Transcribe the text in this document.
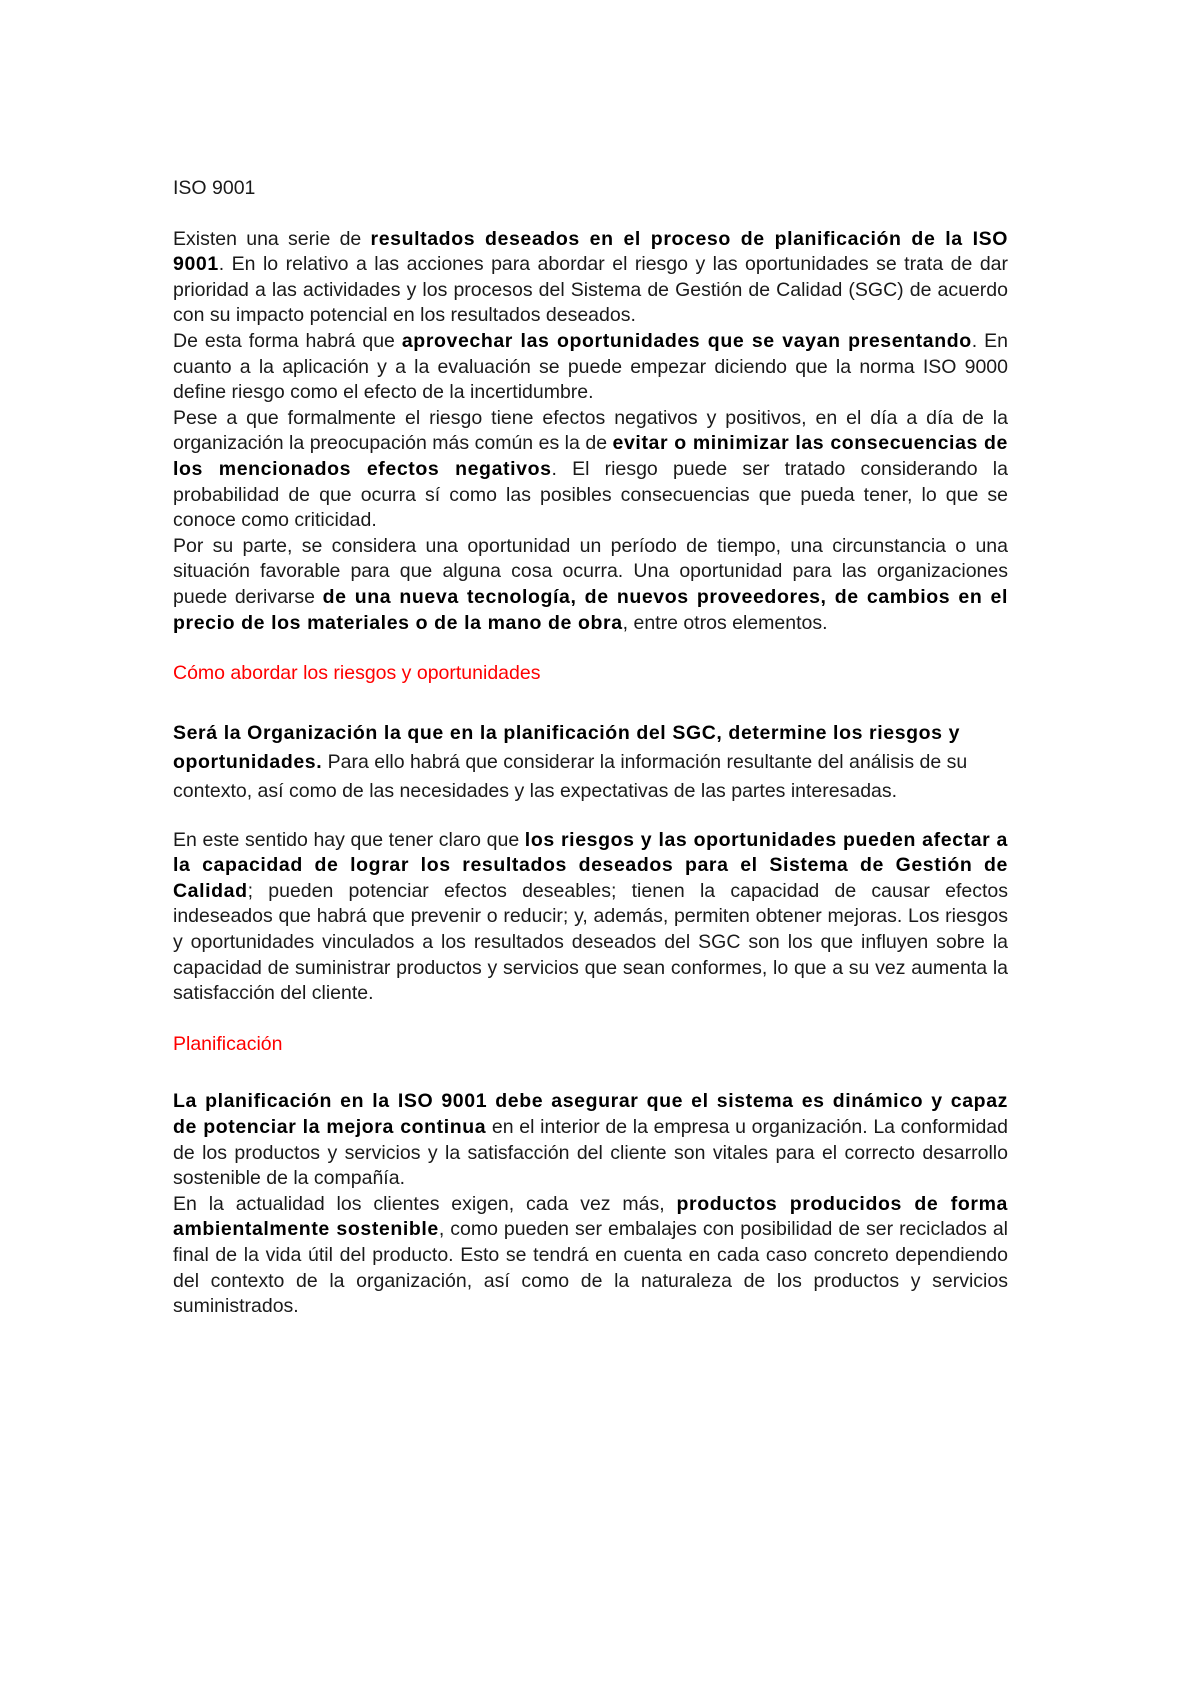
ISO 9001

Existen una serie de resultados deseados en el proceso de planificación de la ISO 9001. En lo relativo a las acciones para abordar el riesgo y las oportunidades se trata de dar prioridad a las actividades y los procesos del Sistema de Gestión de Calidad (SGC) de acuerdo con su impacto potencial en los resultados deseados.

De esta forma habrá que aprovechar las oportunidades que se vayan presentando. En cuanto a la aplicación y a la evaluación se puede empezar diciendo que la norma ISO 9000 define riesgo como el efecto de la incertidumbre.

Pese a que formalmente el riesgo tiene efectos negativos y positivos, en el día a día de la organización la preocupación más común es la de evitar o minimizar las consecuencias de los mencionados efectos negativos. El riesgo puede ser tratado considerando la probabilidad de que ocurra sí como las posibles consecuencias que pueda tener, lo que se conoce como criticidad.

Por su parte, se considera una oportunidad un período de tiempo, una circunstancia o una situación favorable para que alguna cosa ocurra. Una oportunidad para las organizaciones puede derivarse de una nueva tecnología, de nuevos proveedores, de cambios en el precio de los materiales o de la mano de obra, entre otros elementos.

Cómo abordar los riesgos y oportunidades

Será la Organización la que en la planificación del SGC, determine los riesgos y oportunidades. Para ello habrá que considerar la información resultante del análisis de su contexto, así como de las necesidades y las expectativas de las partes interesadas.

En este sentido hay que tener claro que los riesgos y las oportunidades pueden afectar a la capacidad de lograr los resultados deseados para el Sistema de Gestión de Calidad; pueden potenciar efectos deseables; tienen la capacidad de causar efectos indeseados que habrá que prevenir o reducir; y, además, permiten obtener mejoras. Los riesgos y oportunidades vinculados a los resultados deseados del SGC son los que influyen sobre la capacidad de suministrar productos y servicios que sean conformes, lo que a su vez aumenta la satisfacción del cliente.

Planificación

La planificación en la ISO 9001 debe asegurar que el sistema es dinámico y capaz de potenciar la mejora continua en el interior de la empresa u organización. La conformidad de los productos y servicios y la satisfacción del cliente son vitales para el correcto desarrollo sostenible de la compañía.

En la actualidad los clientes exigen, cada vez más, productos producidos de forma ambientalmente sostenible, como pueden ser embalajes con posibilidad de ser reciclados al final de la vida útil del producto. Esto se tendrá en cuenta en cada caso concreto dependiendo del contexto de la organización, así como de la naturaleza de los productos y servicios suministrados.
